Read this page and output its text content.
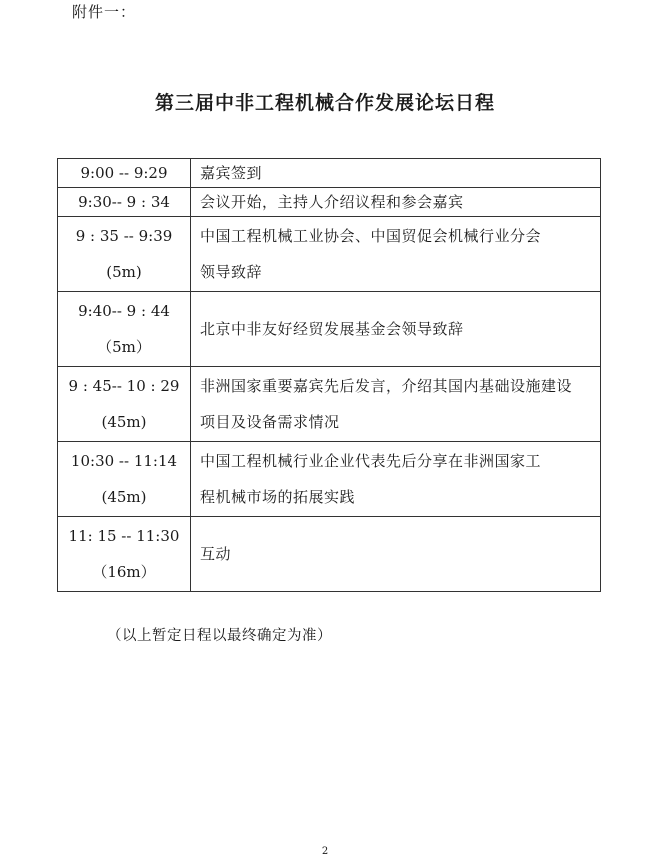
附件一：
第三届中非工程机械合作发展论坛日程
9:00 -- 9:29	嘉宾签到

9:30-- 9 : 34	会议开始，主持人介绍议程和参会嘉宾

9 : 35 -- 9:39
(5m)	中国工程机械工业协会、中国贸促会机械行业分会
领导致辞

9:40-- 9 : 44
（5m）	北京中非友好经贸发展基金会领导致辞

9 : 45-- 10 : 29
(45m)	非洲国家重要嘉宾先后发言，介绍其国内基础设施建设
项目及设备需求情况

10:30 -- 11:14
(45m)	中国工程机械行业企业代表先后分享在非洲国家工
程机械市场的拓展实践

11: 15 -- 11:30
（16m）	互动
（以上暂定日程以最终确定为准）
2
